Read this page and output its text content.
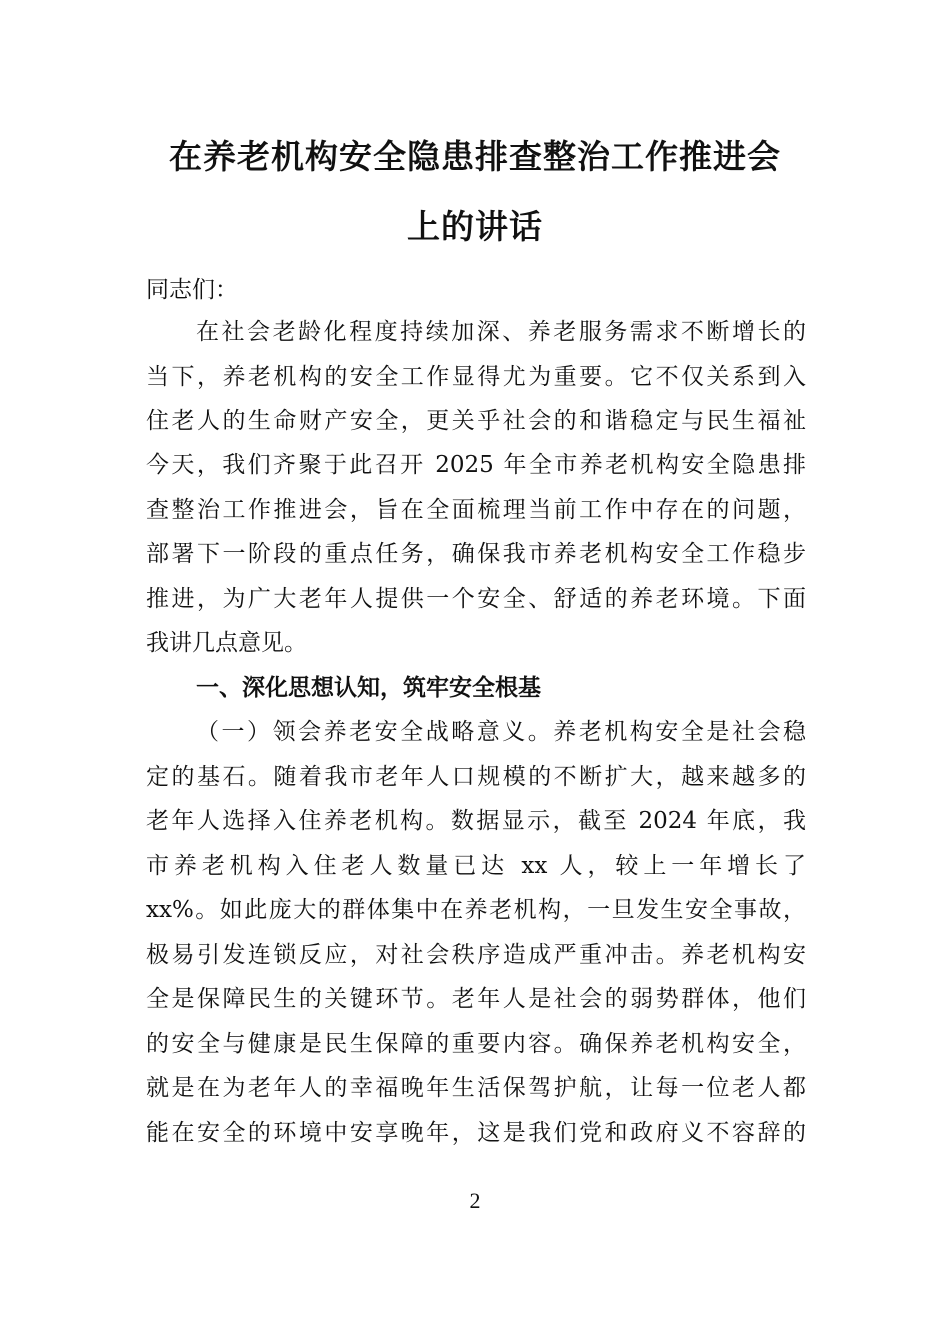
在养老机构安全隐患排查整治工作推进会
上的讲话
同志们：
在社会老龄化程度持续加深、养老服务需求不断增长的
当下，养老机构的安全工作显得尤为重要。它不仅关系到入
住老人的生命财产安全，更关乎社会的和谐稳定与民生福祉
今天，我们齐聚于此召开 2025 年全市养老机构安全隐患排
查整治工作推进会，旨在全面梳理当前工作中存在的问题，
部署下一阶段的重点任务，确保我市养老机构安全工作稳步
推进，为广大老年人提供一个安全、舒适的养老环境。下面
我讲几点意见。
一、深化思想认知，筑牢安全根基
（一）领会养老安全战略意义。养老机构安全是社会稳
定的基石。随着我市老年人口规模的不断扩大，越来越多的
老年人选择入住养老机构。数据显示，截至 2024 年底，我
市养老机构入住老人数量已达 xx 人，较上一年增长了
xx%。如此庞大的群体集中在养老机构，一旦发生安全事故，
极易引发连锁反应，对社会秩序造成严重冲击。养老机构安
全是保障民生的关键环节。老年人是社会的弱势群体，他们
的安全与健康是民生保障的重要内容。确保养老机构安全，
就是在为老年人的幸福晚年生活保驾护航，让每一位老人都
能在安全的环境中安享晚年，这是我们党和政府义不容辞的
2
